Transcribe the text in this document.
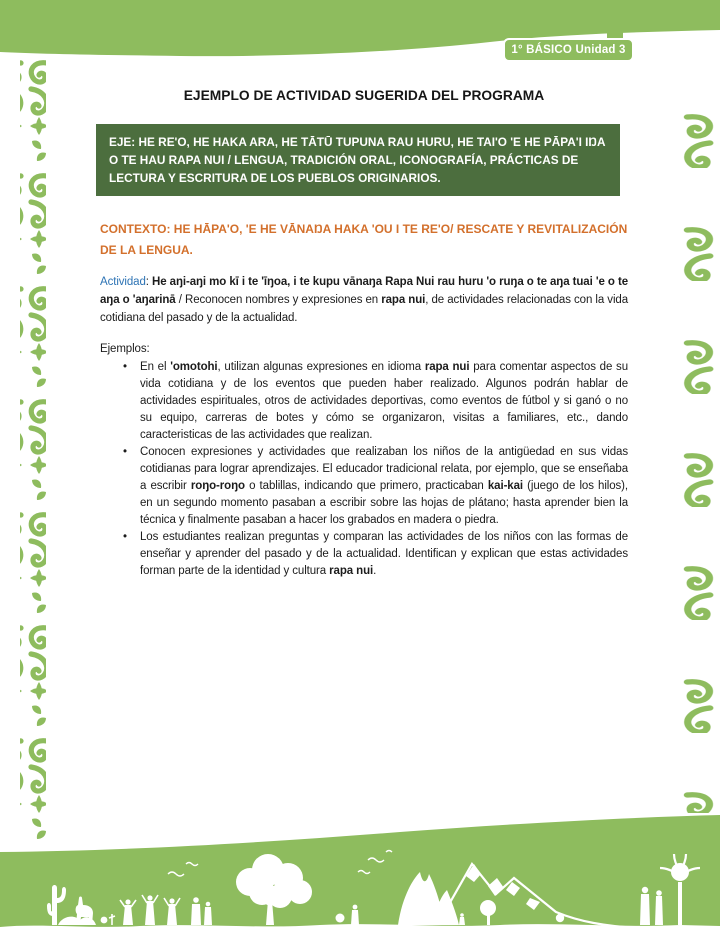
1° BÁSICO Unidad 3
EJEMPLO DE ACTIVIDAD SUGERIDA DEL PROGRAMA
EJE: HE RE'O, HE HAKA ARA, HE TĀTŪ TUPUNA RAU HURU, HE TAI'O 'E HE PĀPA'I IŊA O TE HAU RAPA NUI / LENGUA, TRADICIÓN ORAL, ICONOGRAFÍA, PRÁCTICAS DE LECTURA Y ESCRITURA DE LOS PUEBLOS ORIGINARIOS.
CONTEXTO: HE HĀPA'O, 'E HE VĀNAŊA HAKA 'OU I TE RE'O/ RESCATE Y REVITALIZACIÓN DE LA LENGUA.
Actividad: He aŋi-aŋi mo kī i te 'īŋoa, i te kupu vānaŋa Rapa Nui rau huru 'o ruŋa o te aŋa tuai 'e o te aŋa o 'aŋarinā / Reconocen nombres y expresiones en rapa nui, de actividades relacionadas con la vida cotidiana del pasado y de la actualidad.
Ejemplos:
• En el 'omotohi, utilizan algunas expresiones en idioma rapa nui para comentar aspectos de su vida cotidiana y de los eventos que pueden haber realizado. Algunos podrán hablar de actividades espirituales, otros de actividades deportivas, como eventos de fútbol y si ganó o no su equipo, carreras de botes y cómo se organizaron, visitas a familiares, etc., dando caracteristicas de las actividades que realizan.
• Conocen expresiones y actividades que realizaban los niños de la antigüedad en sus vidas cotidianas para lograr aprendizajes. El educador tradicional relata, por ejemplo, que se enseñaba a escribir roŋo-roŋo o tablillas, indicando que primero, practicaban kai-kai (juego de los hilos), en un segundo momento pasaban a escribir sobre las hojas de plátano; hasta aprender bien la técnica y finalmente pasaban a hacer los grabados en madera o piedra.
• Los estudiantes realizan preguntas y comparan las actividades de los niños con las formas de enseñar y aprender del pasado y de la actualidad. Identifican y explican que estas actividades forman parte de la identidad y cultura rapa nui.
